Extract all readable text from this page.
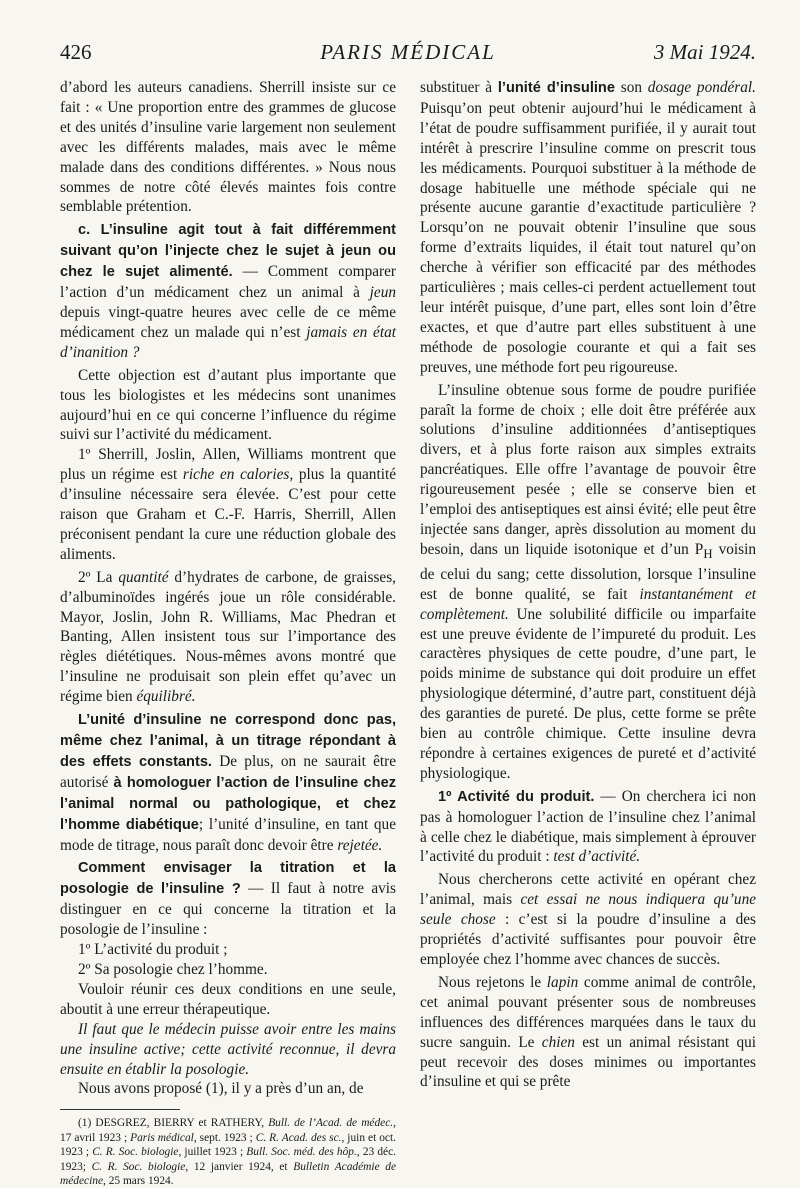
426	PARIS MÉDICAL	3 Mai 1924.

d’abord les auteurs canadiens. Sherrill insiste sur ce fait : « Une proportion entre des grammes de glucose et des unités d’insuline varie largement non seulement avec les différents malades, mais avec le même malade dans des conditions différentes. » Nous nous sommes de notre côté élevés maintes fois contre semblable prétention.

c. L’insuline agit tout à fait différemment suivant qu’on l’injecte chez le sujet à jeun ou chez le sujet alimenté. — Comment comparer l’action d’un médicament chez un animal à jeun depuis vingt-quatre heures avec celle de ce même médicament chez un malade qui n’est jamais en état d’inanition ?

Cette objection est d’autant plus importante que tous les biologistes et les médecins sont unanimes aujourd’hui en ce qui concerne l’influence du régime suivi sur l’activité du médicament.

1º Sherrill, Joslin, Allen, Williams montrent que plus un régime est riche en calories, plus la quantité d’insuline nécessaire sera élevée. C’est pour cette raison que Graham et C.-F. Harris, Sherrill, Allen préconisent pendant la cure une réduction globale des aliments.

2º La quantité d’hydrates de carbone, de graisses, d’albuminoïdes ingérés joue un rôle considérable. Mayor, Joslin, John R. Williams, Mac Phedran et Banting, Allen insistent tous sur l’importance des règles diététiques. Nous-mêmes avons montré que l’insuline ne produisait son plein effet qu’avec un régime bien équilibré.

L’unité d’insuline ne correspond donc pas, même chez l’animal, à un titrage répondant à des effets constants. De plus, on ne saurait être autorisé à homologuer l’action de l’insuline chez l’animal normal ou pathologique, et chez l’homme diabétique; l’unité d’insuline, en tant que mode de titrage, nous paraît donc devoir être rejetée.

Comment envisager la titration et la posologie de l’insuline ? — Il faut à notre avis distinguer en ce qui concerne la titration et la posologie de l’insuline :

1º L’activité du produit ;

2º Sa posologie chez l’homme.

Vouloir réunir ces deux conditions en une seule, aboutit à une erreur thérapeutique.

Il faut que le médecin puisse avoir entre les mains une insuline active; cette activité reconnue, il devra ensuite en établir la posologie.

Nous avons proposé (1), il y a près d’un an, de

(1) DESGREZ, BIERRY et RATHERY, Bull. de l’Acad. de médec., 17 avril 1923 ; Paris médical, sept. 1923 ; C. R. Acad. des sc., juin et oct. 1923 ; C. R. Soc. biologie, juillet 1923 ; Bull. Soc. méd. des hôp., 23 déc. 1923; C. R. Soc. biologie, 12 janvier 1924, et Bulletin Académie de médecine, 25 mars 1924.

substituer à l’unité d’insuline son dosage pondéral. Puisqu’on peut obtenir aujourd’hui le médicament à l’état de poudre suffisamment purifiée, il y aurait tout intérêt à prescrire l’insuline comme on prescrit tous les médicaments. Pourquoi substituer à la méthode de dosage habituelle une méthode spéciale qui ne présente aucune garantie d’exactitude particulière ? Lorsqu’on ne pouvait obtenir l’insuline que sous forme d’extraits liquides, il était tout naturel qu’on cherche à vérifier son efficacité par des méthodes particulières ; mais celles-ci perdent actuellement tout leur intérêt puisque, d’une part, elles sont loin d’être exactes, et que d’autre part elles substituent à une méthode de posologie courante et qui a fait ses preuves, une méthode fort peu rigoureuse.

L’insuline obtenue sous forme de poudre purifiée paraît la forme de choix ; elle doit être préférée aux solutions d’insuline additionnées d’antiseptiques divers, et à plus forte raison aux simples extraits pancréatiques. Elle offre l’avantage de pouvoir être rigoureusement pesée ; elle se conserve bien et l’emploi des antiseptiques est ainsi évité; elle peut être injectée sans danger, après dissolution au moment du besoin, dans un liquide isotonique et d’un $P_H$ voisin de celui du sang; cette dissolution, lorsque l’insuline est de bonne qualité, se fait instantanément et complètement. Une solubilité difficile ou imparfaite est une preuve évidente de l’impureté du produit. Les caractères physiques de cette poudre, d’une part, le poids minime de substance qui doit produire un effet physiologique déterminé, d’autre part, constituent déjà des garanties de pureté. De plus, cette forme se prête bien au contrôle chimique. Cette insuline devra répondre à certaines exigences de pureté et d’activité physiologique.

1º Activité du produit. — On cherchera ici non pas à homologuer l’action de l’insuline chez l’animal à celle chez le diabétique, mais simplement à éprouver l’activité du produit : test d’activité.

Nous chercherons cette activité en opérant chez l’animal, mais cet essai ne nous indiquera qu’une seule chose : c’est si la poudre d’insuline a des propriétés d’activité suffisantes pour pouvoir être employée chez l’homme avec chances de succès.

Nous rejetons le lapin comme animal de contrôle, cet animal pouvant présenter sous de nombreuses influences des différences marquées dans le taux du sucre sanguin. Le chien est un animal résistant qui peut recevoir des doses minimes ou importantes d’insuline et qui se prête
